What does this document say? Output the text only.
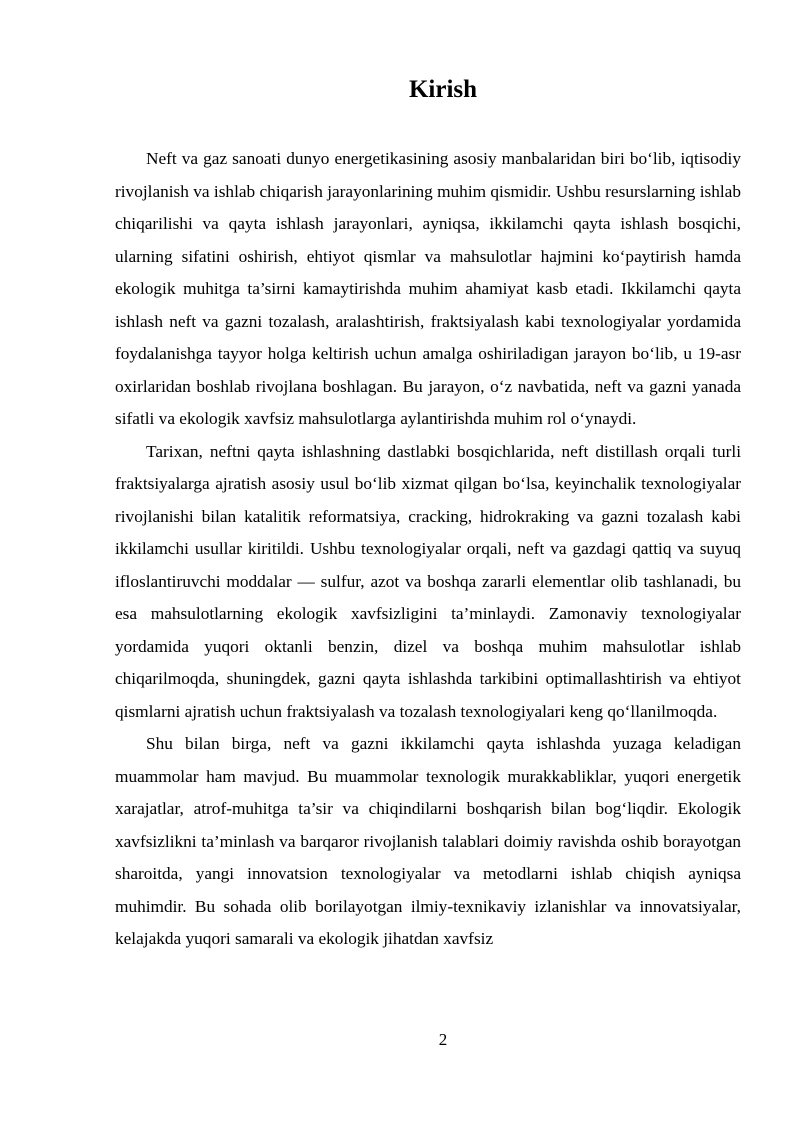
Kirish

Neft va gaz sanoati dunyo energetikasining asosiy manbalaridan biri bo‘lib, iqtisodiy rivojlanish va ishlab chiqarish jarayonlarining muhim qismidir. Ushbu resurslarning ishlab chiqarilishi va qayta ishlash jarayonlari, ayniqsa, ikkilamchi qayta ishlash bosqichi, ularning sifatini oshirish, ehtiyot qismlar va mahsulotlar hajmini ko‘paytirish hamda ekologik muhitga ta’sirni kamaytirishda muhim ahamiyat kasb etadi. Ikkilamchi qayta ishlash neft va gazni tozalash, aralashtirish, fraktsiyalash kabi texnologiyalar yordamida foydalanishga tayyor holga keltirish uchun amalga oshiriladigan jarayon bo‘lib, u 19-asr oxirlaridan boshlab rivojlana boshlagan. Bu jarayon, o‘z navbatida, neft va gazni yanada sifatli va ekologik xavfsiz mahsulotlarga aylantirishda muhim rol o‘ynaydi.

Tarixan, neftni qayta ishlashning dastlabki bosqichlarida, neft distillash orqali turli fraktsiyalarga ajratish asosiy usul bo‘lib xizmat qilgan bo‘lsa, keyinchalik texnologiyalar rivojlanishi bilan katalitik reformatsiya, cracking, hidrokraking va gazni tozalash kabi ikkilamchi usullar kiritildi. Ushbu texnologiyalar orqali, neft va gazdagi qattiq va suyuq ifloslantiruvchi moddalar — sulfur, azot va boshqa zararli elementlar olib tashlanadi, bu esa mahsulotlarning ekologik xavfsizligini ta’minlaydi. Zamonaviy texnologiyalar yordamida yuqori oktanli benzin, dizel va boshqa muhim mahsulotlar ishlab chiqarilmoqda, shuningdek, gazni qayta ishlashda tarkibini optimallashtirish va ehtiyot qismlarni ajratish uchun fraktsiyalash va tozalash texnologiyalari keng qo‘llanilmoqda.

Shu bilan birga, neft va gazni ikkilamchi qayta ishlashda yuzaga keladigan muammolar ham mavjud. Bu muammolar texnologik murakkabliklar, yuqori energetik xarajatlar, atrof-muhitga ta’sir va chiqindilarni boshqarish bilan bog‘liqdir. Ekologik xavfsizlikni ta’minlash va barqaror rivojlanish talablari doimiy ravishda oshib borayotgan sharoitda, yangi innovatsion texnologiyalar va metodlarni ishlab chiqish ayniqsa muhimdir. Bu sohada olib borilayotgan ilmiy-texnikaviy izlanishlar va innovatsiyalar, kelajakda yuqori samarali va ekologik jihatdan xavfsiz

2
